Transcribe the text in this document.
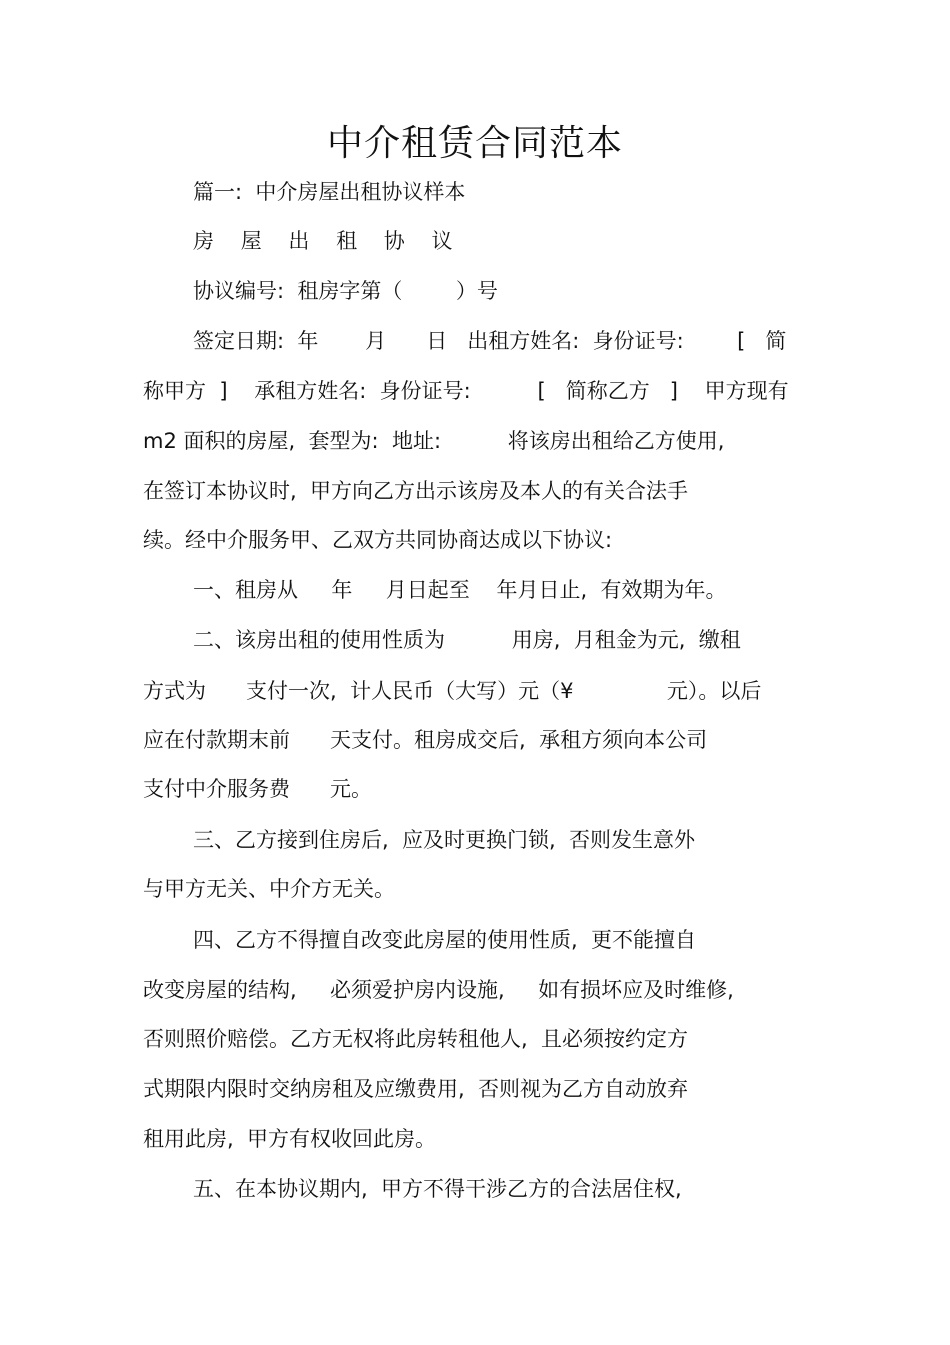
中介租赁合同范本
篇一:  中介房屋出租协议样本
房    屋    出    租    协    议
协议编号:  租房字第（        ）号
签定日期:  年       月      日   出租方姓名:  身份证号:        [   简
称甲方  ]    承租方姓名:  身份证号:          [   简称乙方   ]    甲方现有
m2 面积的房屋,  套型为:  地址:          将该房出租给乙方使用,
在签订本协议时,  甲方向乙方出示该房及本人的有关合法手
续。经中介服务甲、乙双方共同协商达成以下协议:
一、租房从     年     月日起至    年月日止,  有效期为年。
二、该房出租的使用性质为          用房,  月租金为元,  缴租
方式为      支付一次,  计人民币（大写）元（¥              元）。以后
应在付款期末前      天支付。租房成交后,  承租方须向本公司
支付中介服务费      元。
三、乙方接到住房后,  应及时更换门锁,  否则发生意外
与甲方无关、中介方无关。
四、乙方不得擅自改变此房屋的使用性质,  更不能擅自
改变房屋的结构,     必须爱护房内设施,     如有损坏应及时维修,
否则照价赔偿。乙方无权将此房转租他人,  且必须按约定方
式期限内限时交纳房租及应缴费用,  否则视为乙方自动放弃
租用此房,  甲方有权收回此房。
五、在本协议期内,  甲方不得干涉乙方的合法居住权,
